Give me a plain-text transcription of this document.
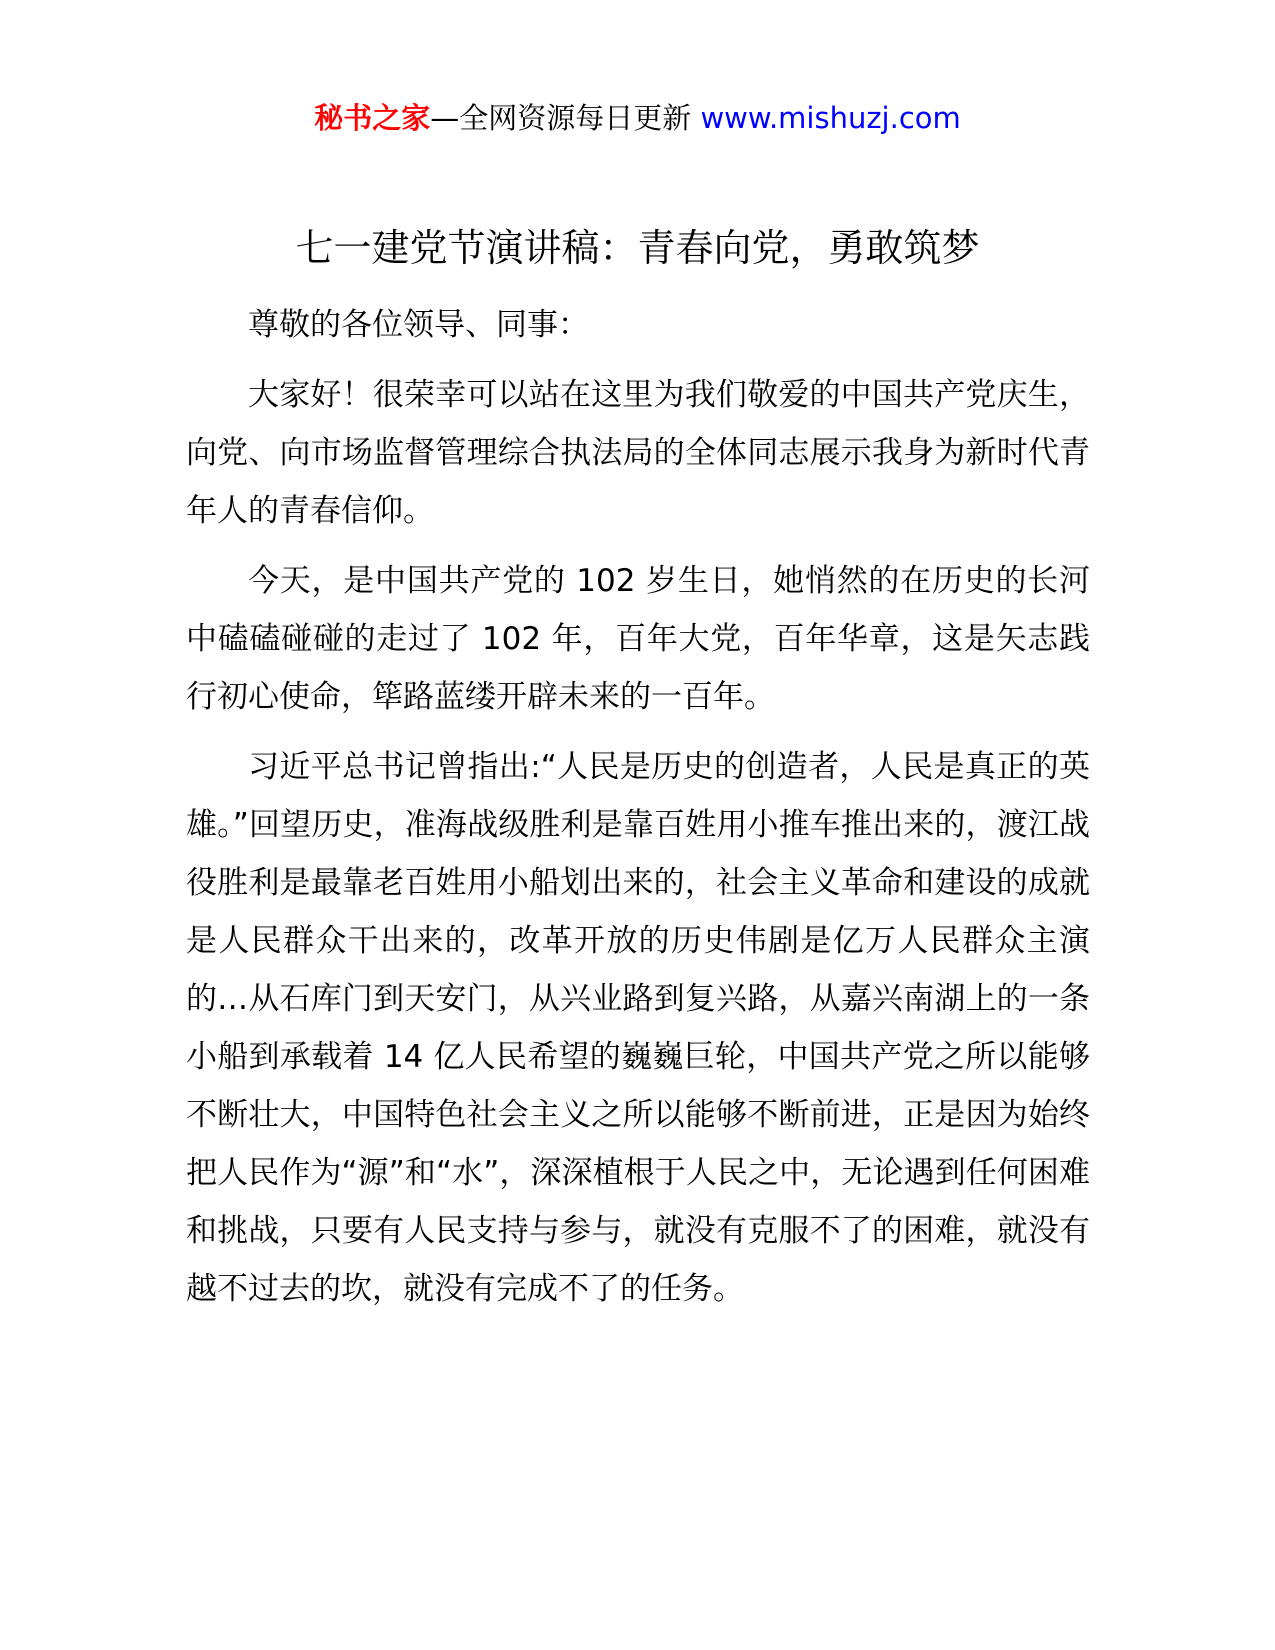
秘书之家—全网资源每日更新 www.mishuzj.com
七一建党节演讲稿：青春向党，勇敢筑梦

尊敬的各位领导、同事：

大家好！很荣幸可以站在这里为我们敬爱的中国共产党庆生，向党、向市场监督管理综合执法局的全体同志展示我身为新时代青年人的青春信仰。

今天，是中国共产党的 102 岁生日，她悄然的在历史的长河中磕磕碰碰的走过了 102 年，百年大党，百年华章，这是矢志践行初心使命，筚路蓝缕开辟未来的一百年。

习近平总书记曾指出:“人民是历史的创造者，人民是真正的英雄。”回望历史，准海战级胜利是靠百姓用小推车推出来的，渡江战役胜利是最靠老百姓用小船划出来的，社会主义革命和建设的成就是人民群众干出来的，改革开放的历史伟剧是亿万人民群众主演的…从石库门到天安门，从兴业路到复兴路，从嘉兴南湖上的一条小船到承载着 14 亿人民希望的巍巍巨轮，中国共产党之所以能够不断壮大，中国特色社会主义之所以能够不断前进，正是因为始终把人民作为“源”和“水”，深深植根于人民之中，无论遇到任何困难和挑战，只要有人民支持与参与，就没有克服不了的困难，就没有越不过去的坎，就没有完成不了的任务。
